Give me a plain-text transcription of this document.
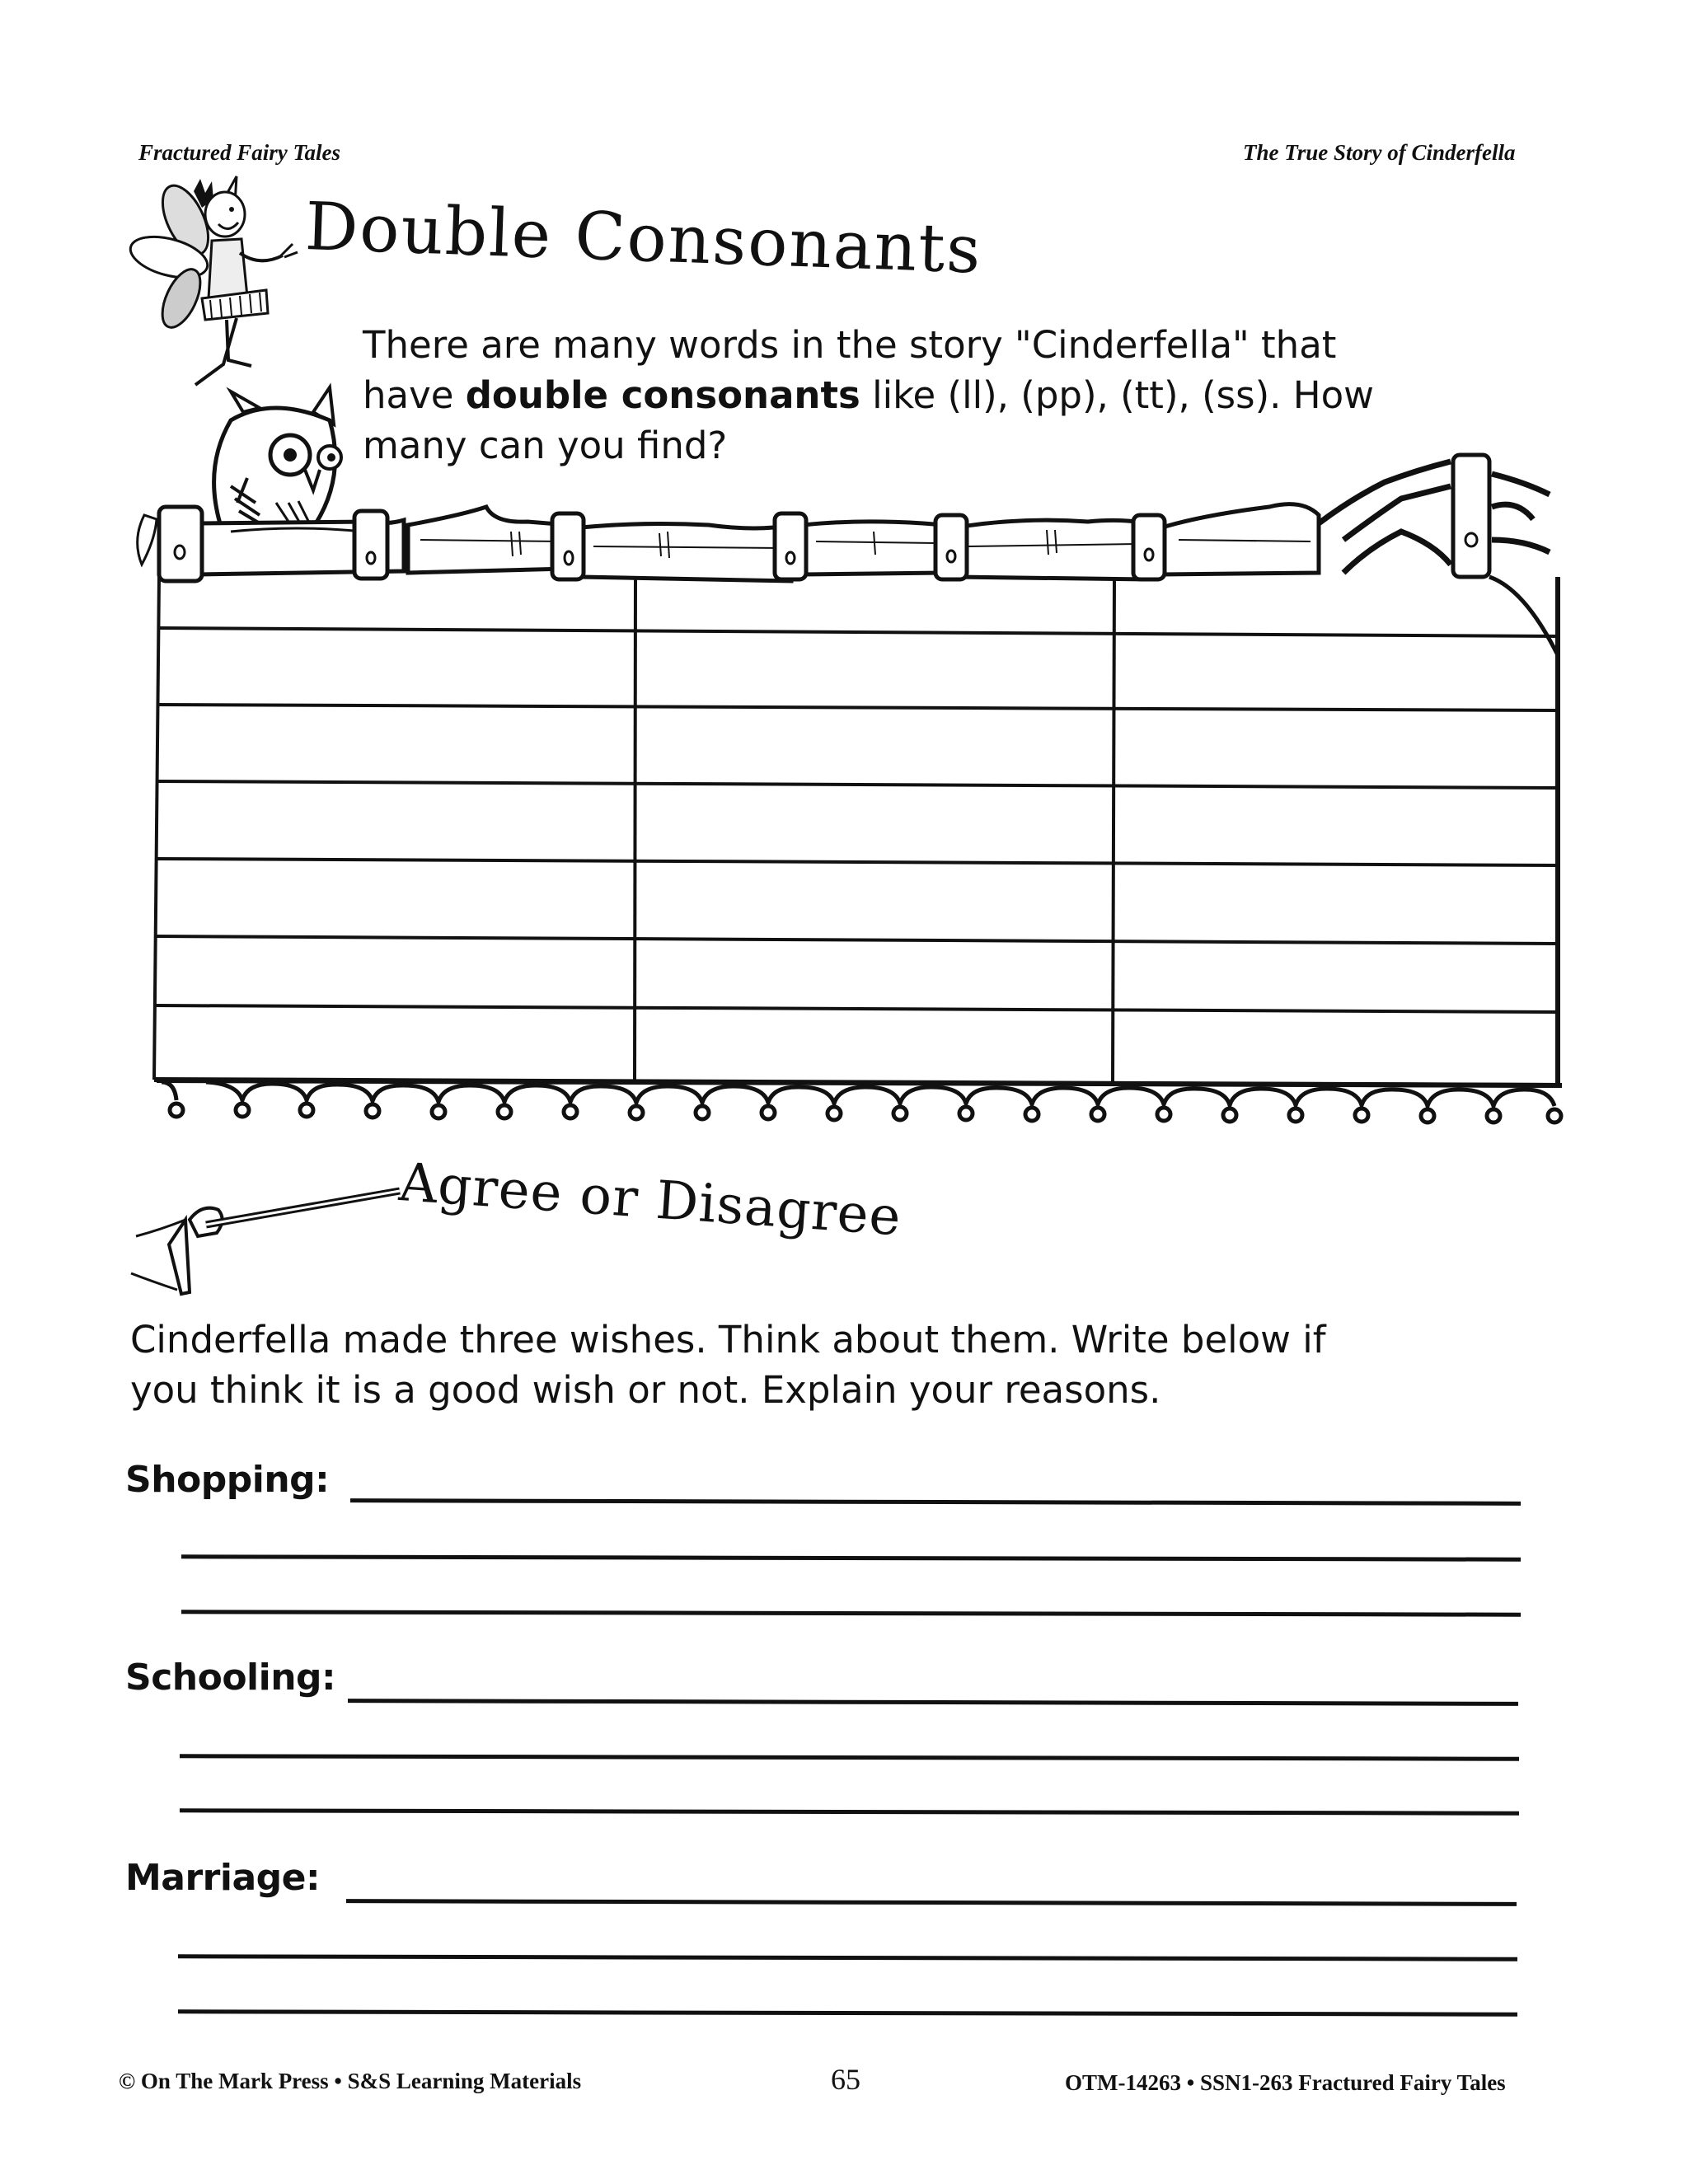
Fractured Fairy Tales	The True Story of Cinderfella
Double Consonants
There are many words in the story "Cinderfella" that
have double consonants like (ll), (pp), (tt), (ss). How
many can you find?
Agree or Disagree
Cinderfella made three wishes. Think about them. Write below if
you think it is a good wish or not. Explain your reasons.
Shopping:
Schooling:
Marriage:
© On The Mark Press • S&S Learning Materials	65	OTM-14263 • SSN1-263 Fractured Fairy Tales
